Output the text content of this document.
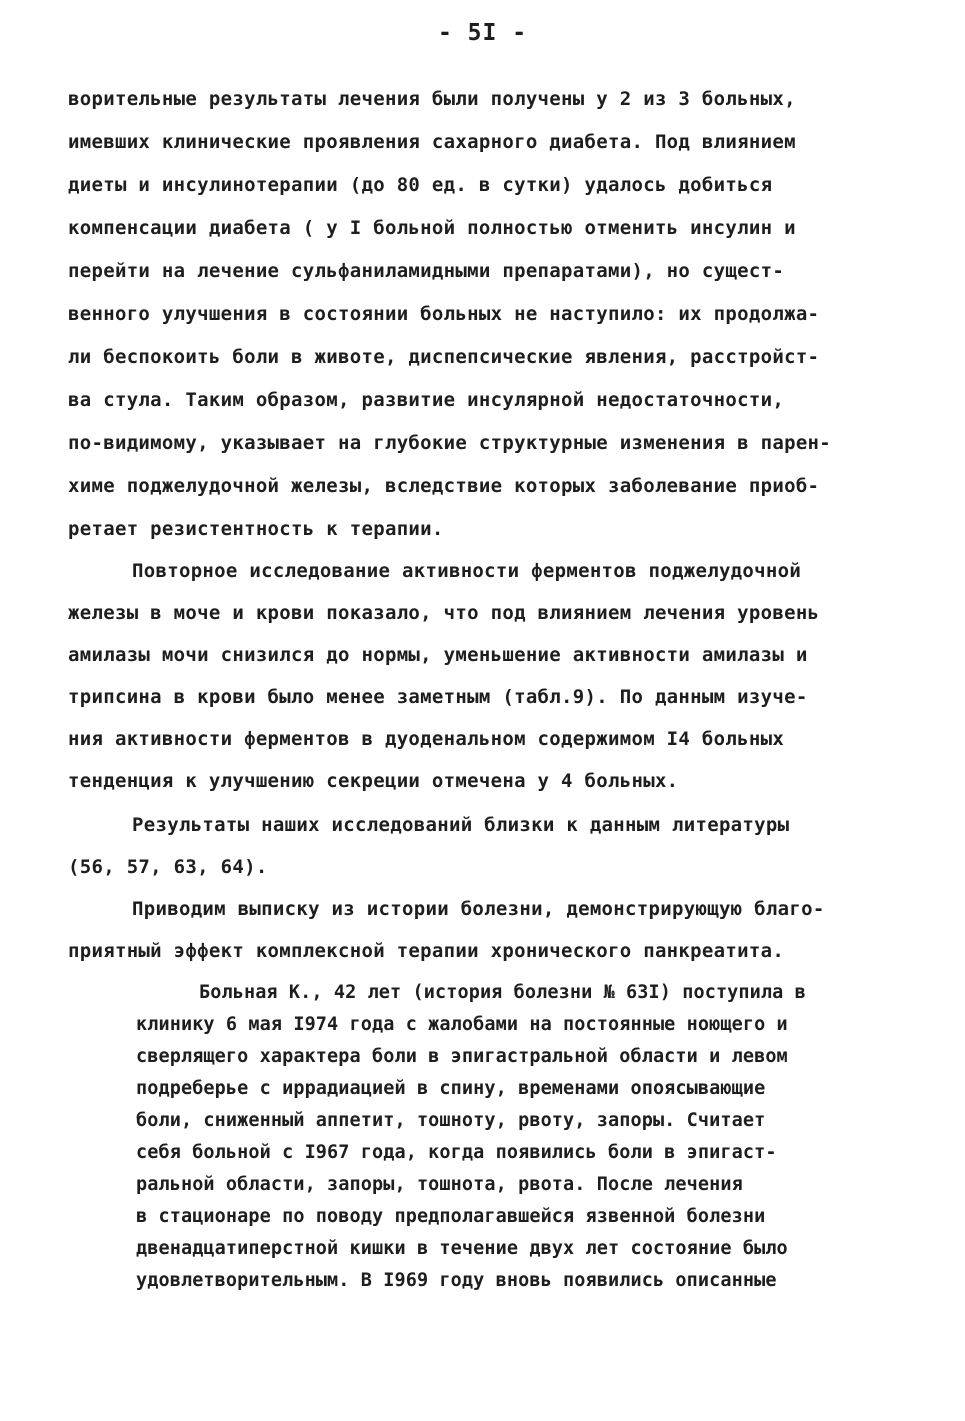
- 5I -
ворительные результаты лечения были получены у 2 из 3 больных,
имевших клинические проявления сахарного диабета. Под влиянием
диеты и инсулинотерапии (до 80 ед. в сутки) удалось добиться
компенсации диабета ( у I больной полностью отменить инсулин и
перейти на лечение сульфаниламидными препаратами), но сущест-
венного улучшения в состоянии больных не наступило: их продолжа-
ли беспокоить боли в животе, диспепсические явления, расстройст-
ва стула. Таким образом, развитие инсулярной недостаточности,
по-видимому, указывает на глубокие структурные изменения в парен-
химе поджелудочной железы, вследствие которых заболевание приоб-
ретает резистентность к терапии.
Повторное исследование активности ферментов поджелудочной
железы в моче и крови показало, что под влиянием лечения уровень
амилазы мочи снизился до нормы, уменьшение активности амилазы и
трипсина в крови было менее заметным (табл.9). По данным изуче-
ния активности ферментов в дуоденальном содержимом I4 больных
тенденция к улучшению секреции отмечена у 4 больных.
Результаты наших исследований близки к данным литературы
(56, 57, 63, 64).
Приводим выписку из истории болезни, демонстрирующую благо-
приятный эффект комплексной терапии хронического панкреатита.
Больная К., 42 лет (история болезни № 63I) поступила в
клинику 6 мая I974 года с жалобами на постоянные ноющего и
сверлящего характера боли в эпигастральной области и левом
подреберье с иррадиацией в спину, временами опоясывающие
боли, сниженный аппетит, тошноту, рвоту, запоры. Считает
себя больной с I967 года, когда появились боли в эпигаст-
ральной области, запоры, тошнота, рвота. После лечения
в стационаре по поводу предполагавшейся язвенной болезни
двенадцатиперстной кишки в течение двух лет состояние было
удовлетворительным. В I969 году вновь появились описанные
